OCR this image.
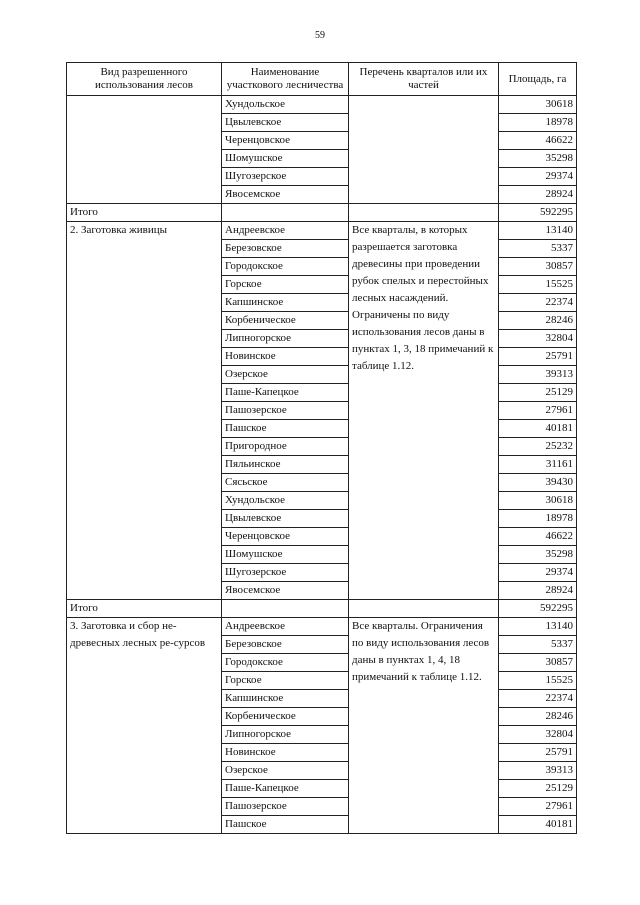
59
Вид разрешенного использования лесов	Наименование участкового лесничества	Перечень кварталов или их частей	Площадь, га
	Хундольское		30618
	Цвылевское		18978
	Черенцовское		46622
	Шомушское		35298
	Шугозерское		29374
	Явосемское		28924
Итого			592295
2. Заготовка живицы	Андреевское	Все кварталы, в которых разрешается заготовка древесины при проведении рубок спелых и перестойных лесных насаждений. Ограничены по виду использования лесов даны в пунктах 1, 3, 18 примечаний к таблице 1.12.	13140
	Березовское		5337
	Городокское		30857
	Горское		15525
	Капшинское		22374
	Корбеническое		28246
	Липногорское		32804
	Новинское		25791
	Озерское		39313
	Паше-Капецкое		25129
	Пашозерское		27961
	Пашское		40181
	Пригородное		25232
	Пяльинское		31161
	Сясьское		39430
	Хундольское		30618
	Цвылевское		18978
	Черенцовское		46622
	Шомушское		35298
	Шугозерское		29374
	Явосемское		28924
Итого			592295
3. Заготовка и сбор не-древесных лесных ре-сурсов	Андреевское	Все кварталы. Ограничения по виду использования лесов даны в пунктах 1, 4, 18 примечаний к таблице 1.12.	13140
	Березовское		5337
	Городокское		30857
	Горское		15525
	Капшинское		22374
	Корбеническое		28246
	Липногорское		32804
	Новинское		25791
	Озерское		39313
	Паше-Капецкое		25129
	Пашозерское		27961
	Пашское		40181
